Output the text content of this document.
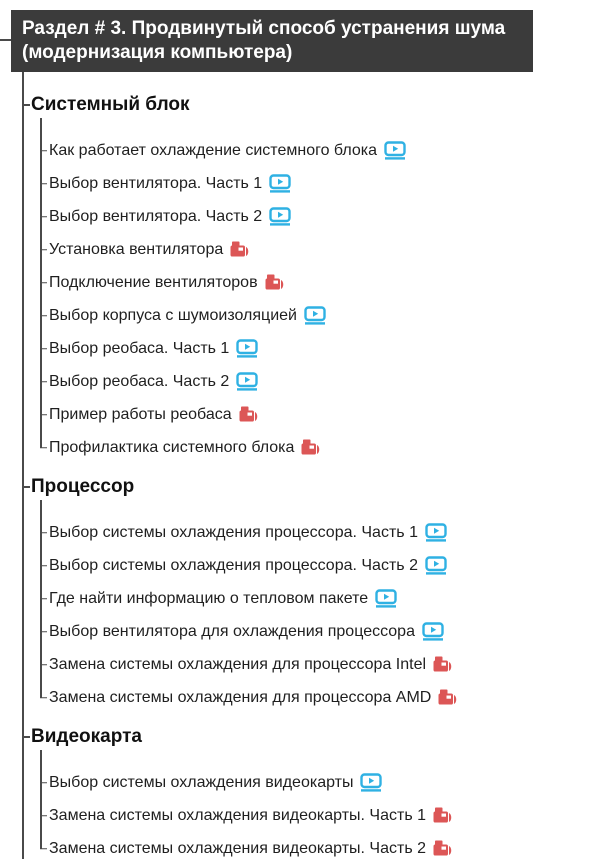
Раздел # 3. Продвинутый способ устранения шума (модернизация компьютера)
Системный блок
Как работает охлаждение системного блока
Выбор вентилятора. Часть 1
Выбор вентилятора. Часть 2
Установка вентилятора
Подключение вентиляторов
Выбор корпуса с шумоизоляцией
Выбор реобаса. Часть 1
Выбор реобаса. Часть 2
Пример работы реобаса
Профилактика системного блока
Процессор
Выбор системы охлаждения процессора. Часть 1
Выбор системы охлаждения процессора. Часть 2
Где найти информацию о тепловом пакете
Выбор вентилятора для охлаждения процессора
Замена системы охлаждения для процессора Intel
Замена системы охлаждения для процессора AMD
Видеокарта
Выбор системы охлаждения видеокарты
Замена системы охлаждения видеокарты. Часть 1
Замена системы охлаждения видеокарты. Часть 2
